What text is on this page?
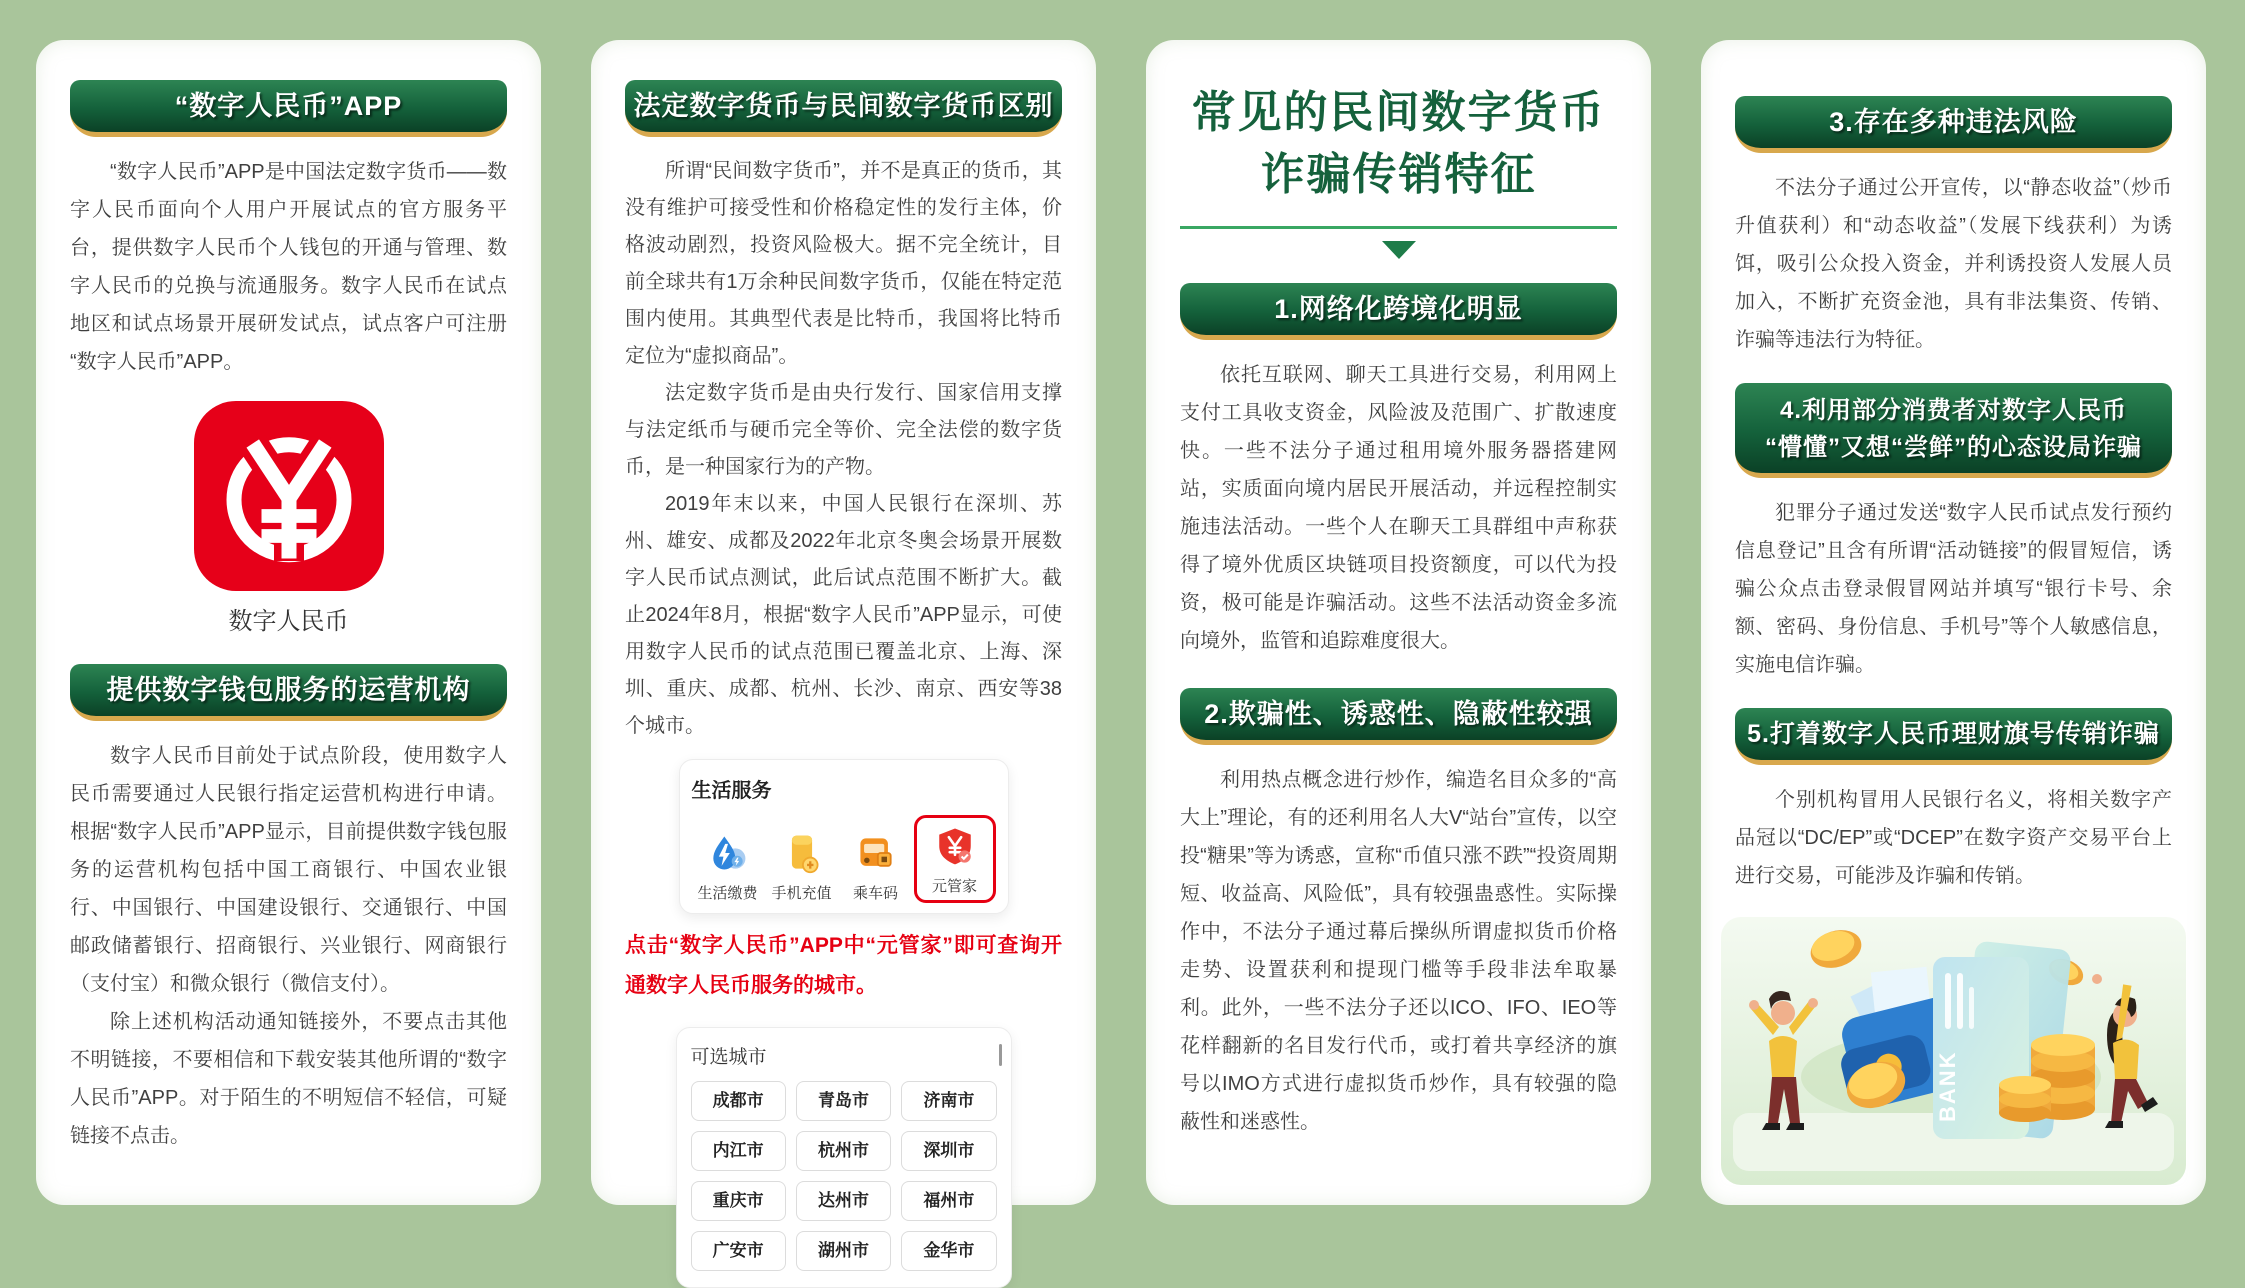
“数字人民币”APP

“数字人民币”APP是中国法定数字货币——数字人民币面向个人用户开展试点的官方服务平台，提供数字人民币个人钱包的开通与管理、数字人民币的兑换与流通服务。数字人民币在试点地区和试点场景开展研发试点，试点客户可注册“数字人民币”APP。

数字人民币
提供数字钱包服务的运营机构

数字人民币目前处于试点阶段，使用数字人民币需要通过人民银行指定运营机构进行申请。根据“数字人民币”APP显示，目前提供数字钱包服务的运营机构包括中国工商银行、中国农业银行、中国银行、中国建设银行、交通银行、中国邮政储蓄银行、招商银行、兴业银行、网商银行（支付宝）和微众银行（微信支付）。

除上述机构活动通知链接外，不要点击其他不明链接，不要相信和下载安装其他所谓的“数字人民币”APP。对于陌生的不明短信不轻信，可疑链接不点击。

法定数字货币与民间数字货币区别

所谓“民间数字货币”，并不是真正的货币，其没有维护可接受性和价格稳定性的发行主体，价格波动剧烈，投资风险极大。据不完全统计，目前全球共有1万余种民间数字货币，仅能在特定范围内使用。其典型代表是比特币，我国将比特币定位为“虚拟商品”。

法定数字货币是由央行发行、国家信用支撑与法定纸币与硬币完全等价、完全法偿的数字货币，是一种国家行为的产物。

2019年末以来，中国人民银行在深圳、苏州、雄安、成都及2022年北京冬奥会场景开展数字人民币试点测试，此后试点范围不断扩大。截止2024年8月，根据“数字人民币”APP显示，可使用数字人民币的试点范围已覆盖北京、上海、深圳、重庆、成都、杭州、长沙、南京、西安等38个城市。

生活服务
生活缴费 手机充值	乘车码	元管家

点击“数字人民币”APP中“元管家”即可查询开通数字人民币服务的城市。

可选城市
成都市	青岛市	济南市
内江市	杭州市	深圳市
重庆市	达州市	福州市
广安市	湖州市	金华市
常见的民间数字货币
诈骗传销特征
1.网络化跨境化明显

依托互联网、聊天工具进行交易，利用网上支付工具收支资金，风险波及范围广、扩散速度快。一些不法分子通过租用境外服务器搭建网站，实质面向境内居民开展活动，并远程控制实施违法活动。一些个人在聊天工具群组中声称获得了境外优质区块链项目投资额度，可以代为投资，极可能是诈骗活动。这些不法活动资金多流向境外，监管和追踪难度很大。

2.欺骗性、诱惑性、隐蔽性较强

利用热点概念进行炒作，编造名目众多的“高大上”理论，有的还利用名人大V“站台”宣传，以空投“糖果”等为诱惑，宣称“币值只涨不跌”“投资周期短、收益高、风险低”，具有较强蛊惑性。实际操作中，不法分子通过幕后操纵所谓虚拟货币价格走势、设置获利和提现门槛等手段非法牟取暴利。此外，一些不法分子还以ICO、IFO、IEO等花样翻新的名目发行代币，或打着共享经济的旗号以IMO方式进行虚拟货币炒作，具有较强的隐蔽性和迷惑性。

3.存在多种违法风险

不法分子通过公开宣传，以“静态收益”（炒币升值获利）和“动态收益”（发展下线获利）为诱饵，吸引公众投入资金，并利诱投资人发展人员加入，不断扩充资金池，具有非法集资、传销、诈骗等违法行为特征。

4.利用部分消费者对数字人民币
“懵懂”又想“尝鲜”的心态设局诈骗

犯罪分子通过发送“数字人民币试点发行预约信息登记”且含有所谓“活动链接”的假冒短信，诱骗公众点击登录假冒网站并填写“银行卡号、余额、密码、身份信息、手机号”等个人敏感信息，实施电信诈骗。

5.打着数字人民币理财旗号传销诈骗

个别机构冒用人民银行名义，将相关数字产品冠以“DC/EP”或“DCEP”在数字资产交易平台上进行交易，可能涉及诈骗和传销。

BANK
